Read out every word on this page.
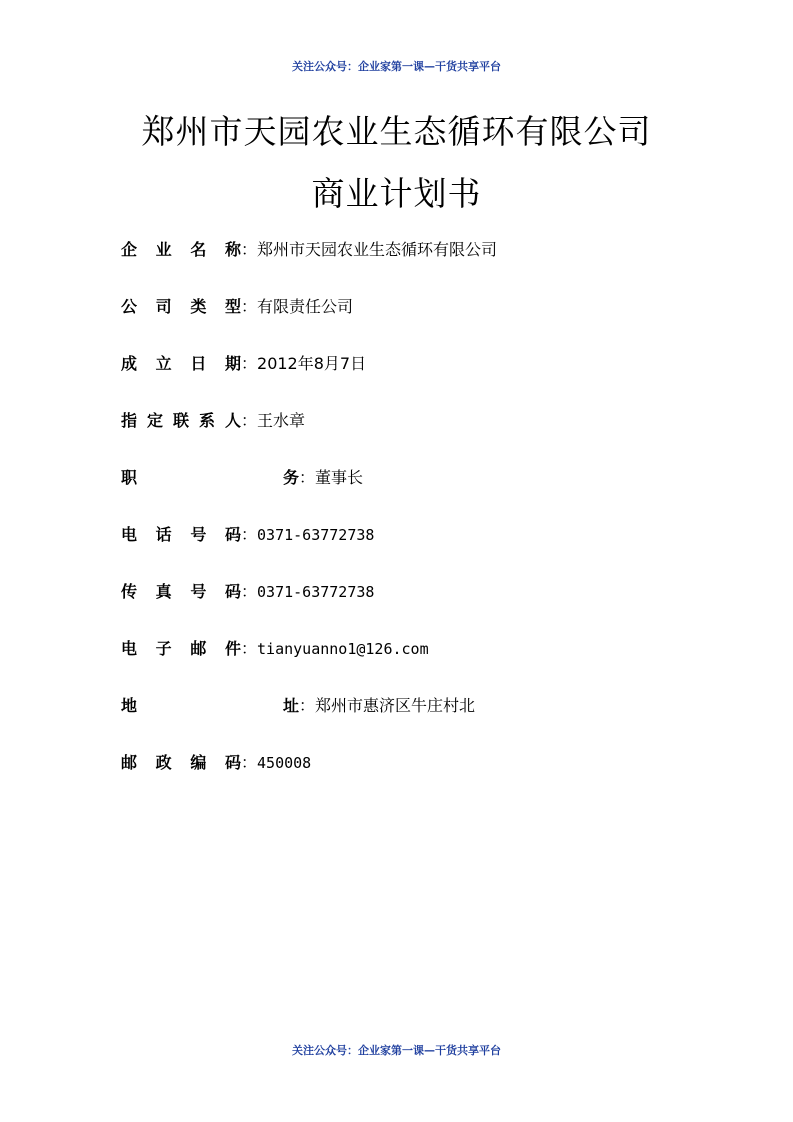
关注公众号：企业家第一课—干货共享平台
郑州市天园农业生态循环有限公司
商业计划书
企业名称：郑州市天园农业生态循环有限公司
公司类型：有限责任公司
成立日期：2012年8月7日
指定联系人：王水章
职务：董事长
电话号码：0371-63772738
传真号码：0371-63772738
电子邮件：tianyuanno1@126.com
地址：郑州市惠济区牛庄村北
邮政编码：450008
关注公众号：企业家第一课—干货共享平台
